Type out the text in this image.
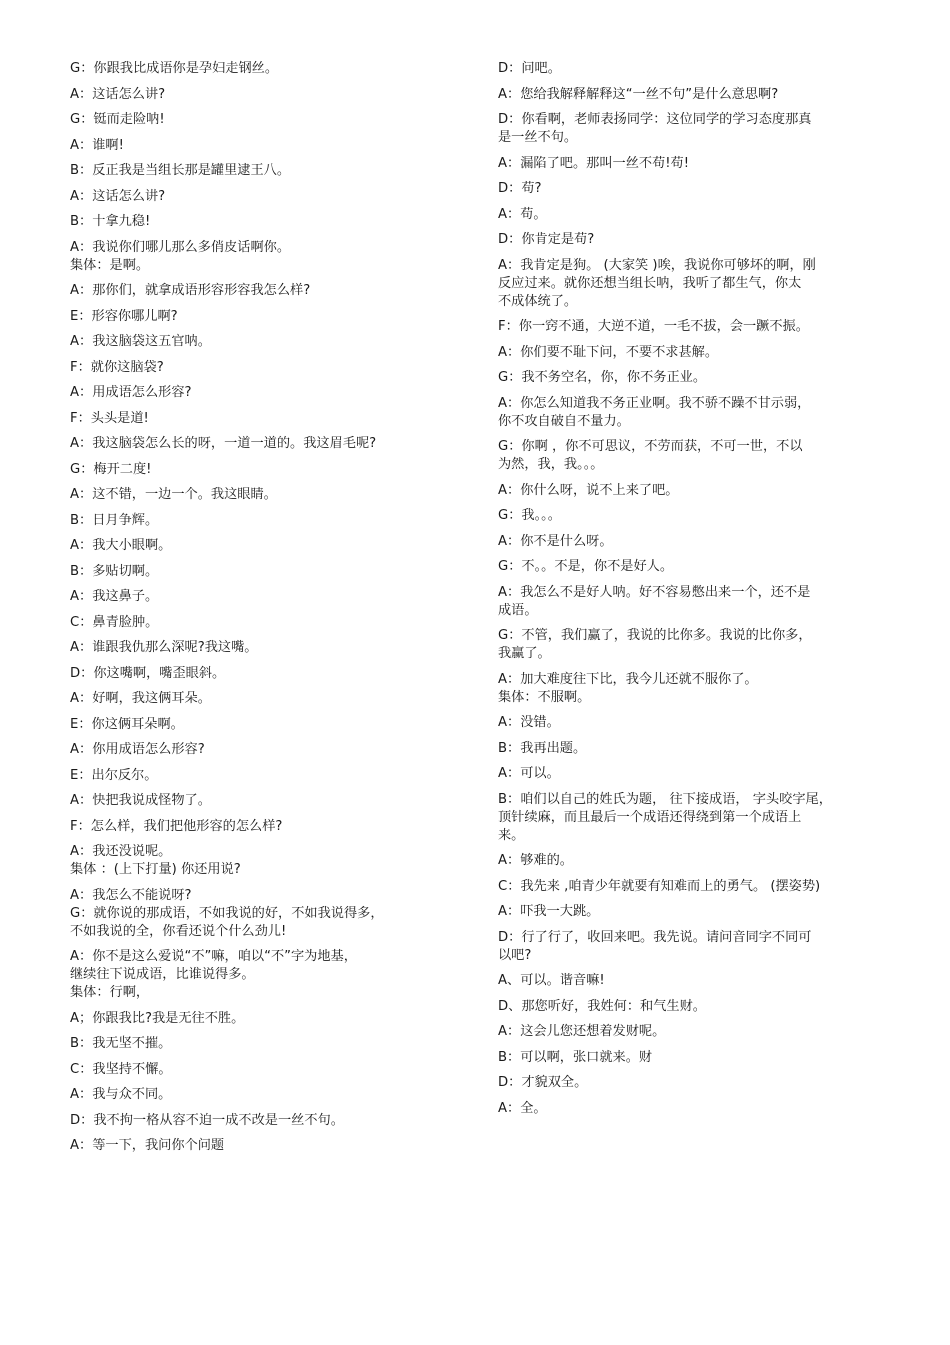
G：你跟我比成语你是孕妇走钢丝。
A：这话怎么讲?
G：铤而走险呐!
A：谁啊!
B：反正我是当组长那是罐里逮王八。
A：这话怎么讲?
B：十拿九稳!
A：我说你们哪儿那么多俏皮话啊你。
集体：是啊。
A：那你们，就拿成语形容形容我怎么样?
E：形容你哪儿啊?
A：我这脑袋这五官呐。
F：就你这脑袋?
A：用成语怎么形容?
F：头头是道!
A：我这脑袋怎么长的呀，一道一道的。我这眉毛呢?
G：梅开二度!
A：这不错，一边一个。我这眼睛。
B：日月争辉。
A：我大小眼啊。
B：多贴切啊。
A：我这鼻子。
C：鼻青脸肿。
A：谁跟我仇那么深呢?我这嘴。
D：你这嘴啊，嘴歪眼斜。
A：好啊，我这俩耳朵。
E：你这俩耳朵啊。
A：你用成语怎么形容?
E：出尔反尔。
A：快把我说成怪物了。
F：怎么样，我们把他形容的怎么样?
A：我还没说呢。
集体 ：(上下打量) 你还用说?
A：我怎么不能说呀?
G：就你说的那成语，不如我说的好，不如我说得多，
不如我说的全，你看还说个什么劲儿!
A：你不是这么爱说“不”嘛，咱以“不”字为地基，
继续往下说成语，比谁说得多。
集体：行啊，
A；你跟我比?我是无往不胜。
B：我无坚不摧。
C：我坚持不懈。
A：我与众不同。
D：我不拘一格从容不迫一成不改是一丝不句。
A：等一下，我问你个问题
D：问吧。
A：您给我解释解释这“一丝不句”是什么意思啊?
D：你看啊，老师表扬同学：这位同学的学习态度那真
是一丝不句。
A：漏陷了吧。那叫一丝不苟!苟!
D：苟?
A：苟。
D：你肯定是苟?
A：我肯定是狗。 (大家笑 )唉，我说你可够坏的啊，刚
反应过来。就你还想当组长呐，我听了都生气，你太
不成体统了。
F：你一窍不通，大逆不道，一毛不拔，会一蹶不振。
A：你们要不耻下问，不要不求甚解。
G：我不务空名，你，你不务正业。
A：你怎么知道我不务正业啊。我不骄不躁不甘示弱，
你不攻自破自不量力。
G：你啊 ，你不可思议，不劳而获，不可一世，不以
为然，我，我。。。
A：你什么呀，说不上来了吧。
G：我。。。
A：你不是什么呀。
G：不。。不是，你不是好人。
A：我怎么不是好人呐。好不容易憋出来一个，还不是
成语。
G：不管，我们赢了，我说的比你多。我说的比你多，
我赢了。
A：加大难度往下比，我今儿还就不服你了。
集体：不服啊。
A：没错。
B：我再出题。
A：可以。
B：咱们以自己的姓氏为题， 往下接成语， 字头咬字尾，
顶针续麻，而且最后一个成语还得绕到第一个成语上
来。
A：够难的。
C：我先来 ,咱青少年就要有知难而上的勇气。 (摆姿势)
A：吓我一大跳。
D：行了行了，收回来吧。我先说。请问音同字不同可
以吧?
A、可以。谐音嘛!
D、那您听好，我姓何：和气生财。
A：这会儿您还想着发财呢。
B：可以啊，张口就来。财
D：才貌双全。
A：全。
